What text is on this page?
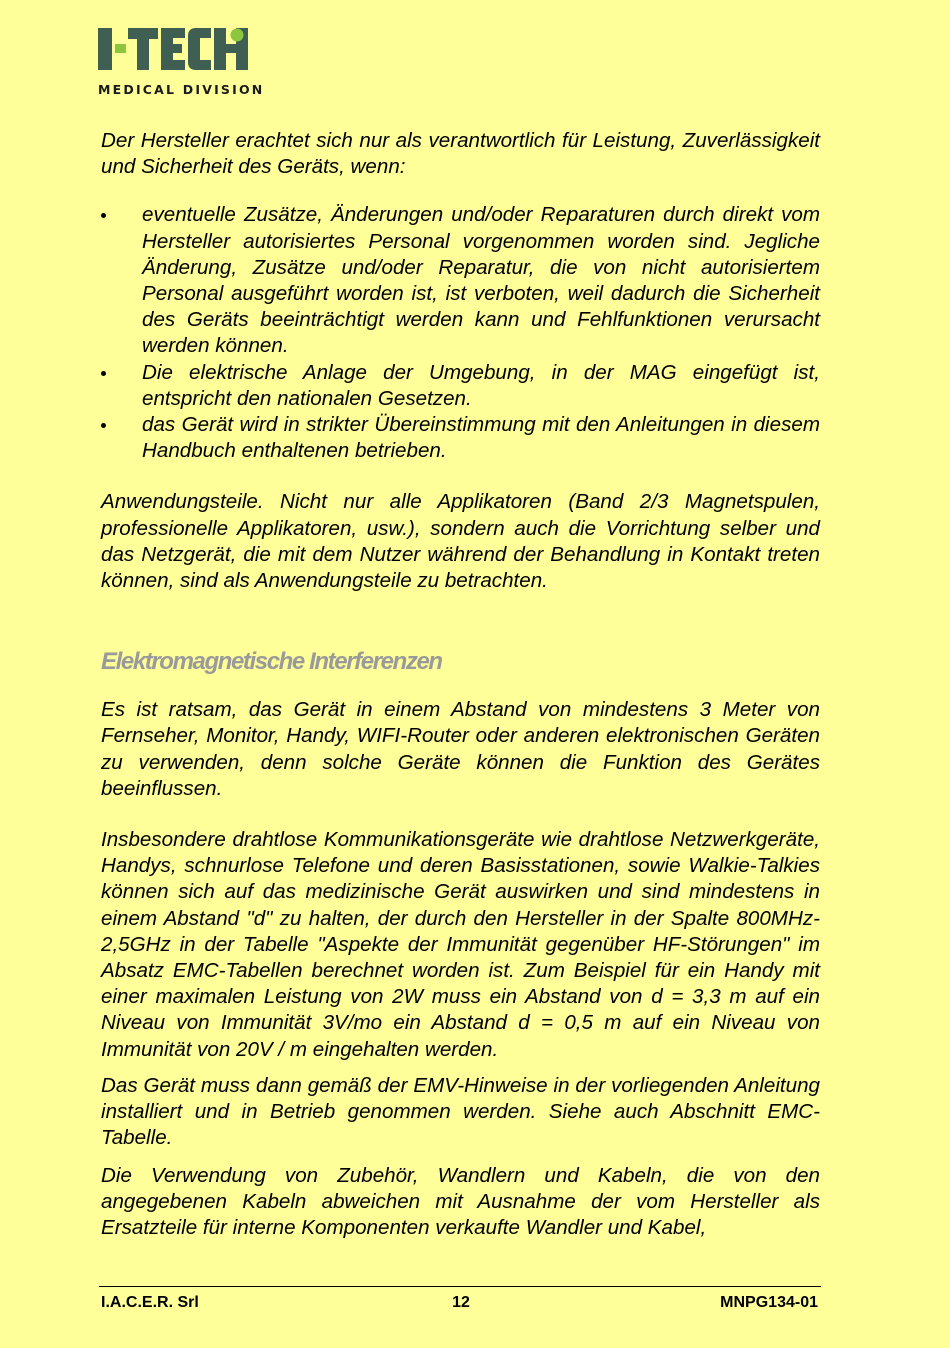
MEDICAL DIVISION

Der Hersteller erachtet sich nur als verantwortlich für Leistung, Zuverlässigkeit und Sicherheit des Geräts, wenn:

eventuelle Zusätze, Änderungen und/oder Reparaturen durch direkt vom Hersteller autorisiertes Personal vorgenommen worden sind. Jegliche Änderung, Zusätze und/oder Reparatur, die von nicht autorisiertem Personal ausgeführt worden ist, ist verboten, weil dadurch die Sicherheit des Geräts beeinträchtigt werden kann und Fehlfunktionen verursacht werden können.
Die elektrische Anlage der Umgebung, in der MAG eingefügt ist, entspricht den nationalen Gesetzen.
das Gerät wird in strikter Übereinstimmung mit den Anleitungen in diesem Handbuch enthaltenen betrieben.

Anwendungsteile. Nicht nur alle Applikatoren (Band 2/3 Magnetspulen, professionelle Applikatoren, usw.), sondern auch die Vorrichtung selber und das Netzgerät, die mit dem Nutzer während der Behandlung in Kontakt treten können, sind als Anwendungsteile zu betrachten.

Elektromagnetische Interferenzen

Es ist ratsam, das Gerät in einem Abstand von mindestens 3 Meter von Fernseher, Monitor, Handy, WIFI-Router oder anderen elektronischen Geräten zu verwenden, denn solche Geräte können die Funktion des Gerätes beeinflussen.

Insbesondere drahtlose Kommunikationsgeräte wie drahtlose Netzwerkgeräte, Handys, schnurlose Telefone und deren Basisstationen, sowie Walkie-Talkies können sich auf das medizinische Gerät auswirken und sind mindestens in einem Abstand "d" zu halten, der durch den Hersteller in der Spalte 800MHz-2,5GHz in der Tabelle "Aspekte der Immunität gegenüber HF-Störungen" im Absatz EMC-Tabellen berechnet worden ist. Zum Beispiel für ein Handy mit einer maximalen Leistung von 2W muss ein Abstand von d = 3,3 m auf ein Niveau von Immunität 3V/mo ein Abstand d = 0,5 m auf ein Niveau von Immunität von 20V / m eingehalten werden.

Das Gerät muss dann gemäß der EMV-Hinweise in der vorliegenden Anleitung installiert und in Betrieb genommen werden. Siehe auch Abschnitt EMC-Tabelle.

Die Verwendung von Zubehör, Wandlern und Kabeln, die von den angegebenen Kabeln abweichen mit Ausnahme der vom Hersteller als Ersatzteile für interne Komponenten verkaufte Wandler und Kabel,

I.A.C.E.R. Srl	12	MNPG134-01
